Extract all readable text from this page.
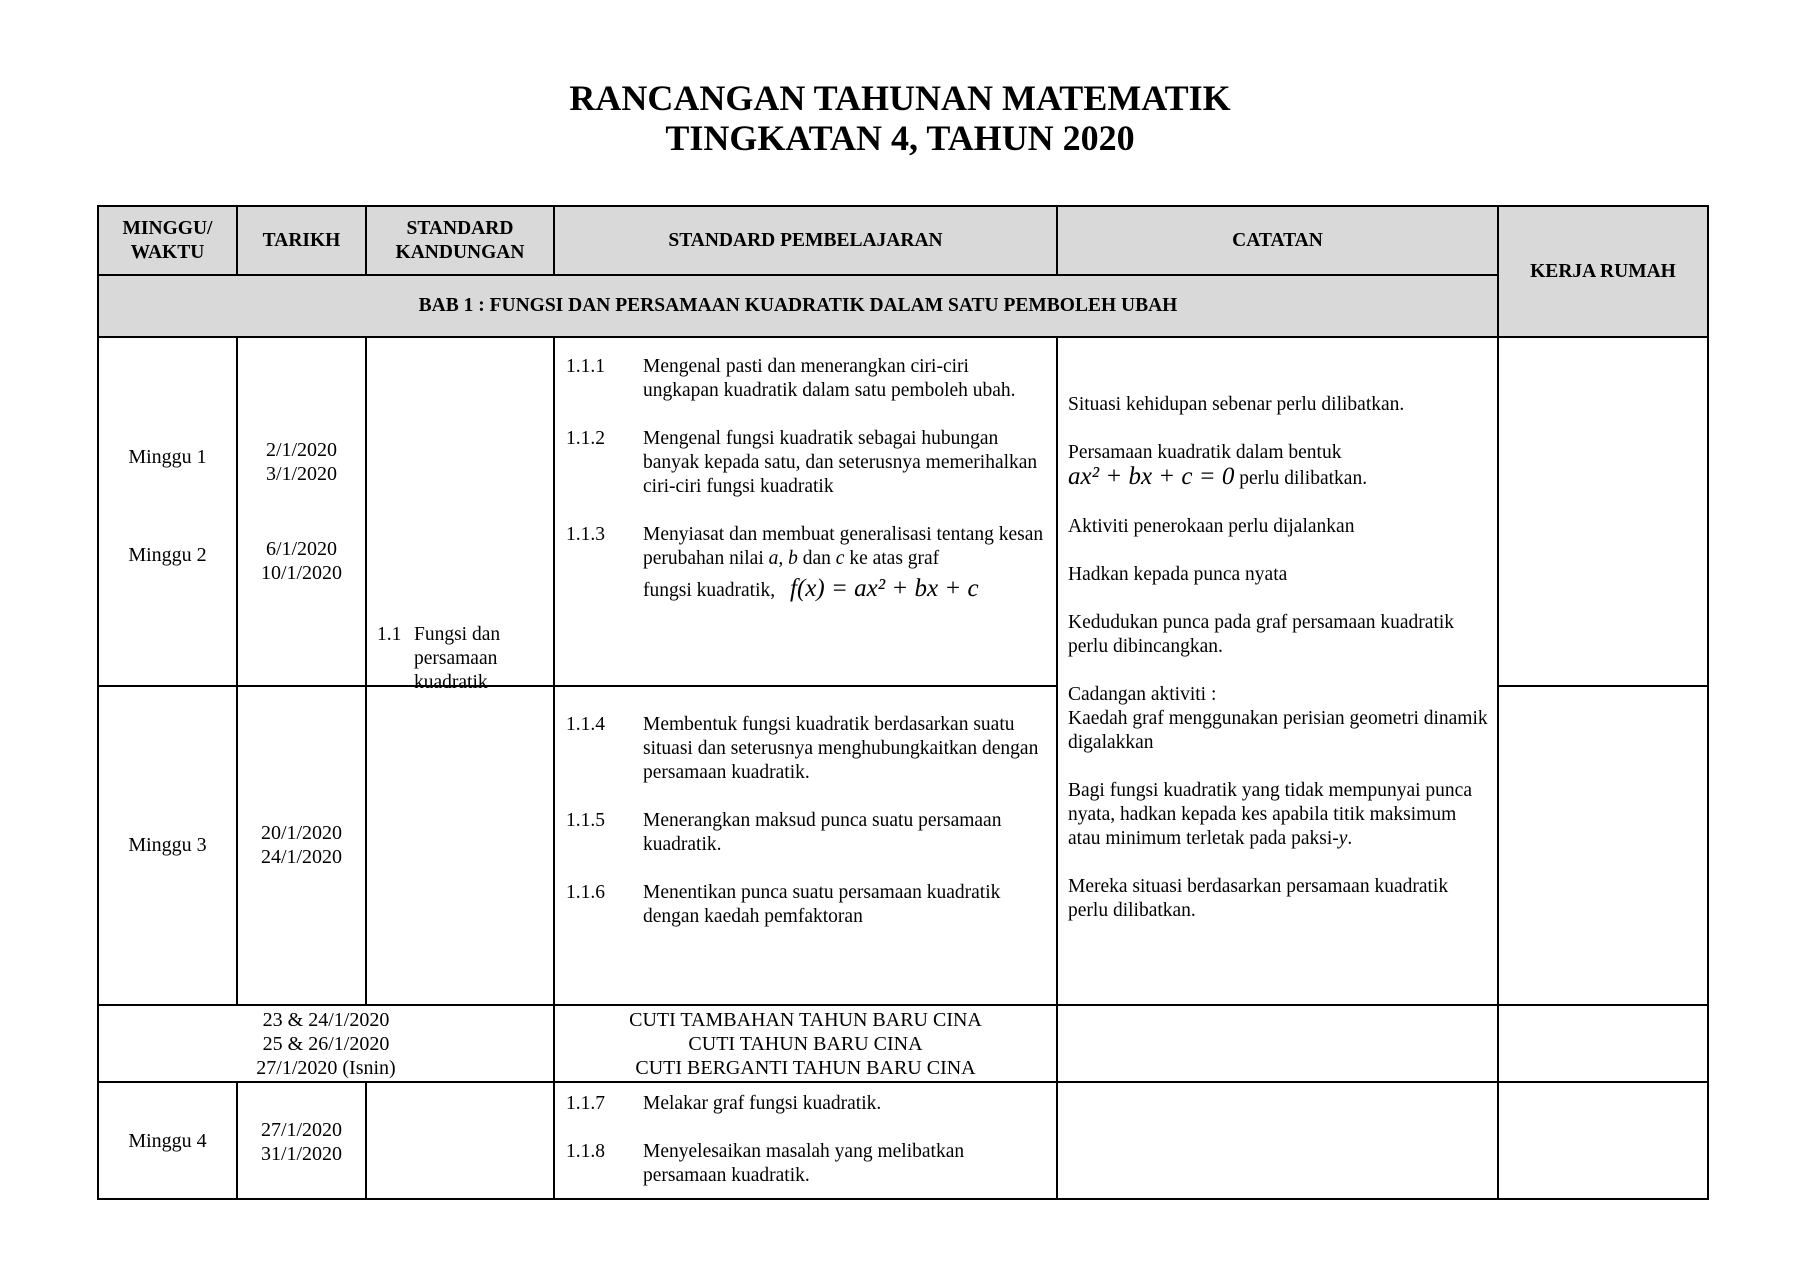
RANCANGAN TAHUNAN MATEMATIK
TINGKATAN 4, TAHUN 2020
MINGGU/
WAKTU
TARIKH
STANDARD
KANDUNGAN
STANDARD PEMBELAJARAN	CATATAN
KERJA RUMAH
BAB 1 : FUNGSI DAN PERSAMAAN KUADRATIK DALAM SATU PEMBOLEH UBAH
Minggu 1
Minggu 2
Minggu 3
Minggu 4
2/1/2020
3/1/2020
6/1/2020
10/1/2020
20/1/2020
24/1/2020
27/1/2020
31/1/2020
1.1 Fungsi dan
persamaan
kuadratik
1.1.1 Mengenal pasti dan menerangkan ciri-ciri ungkapan kuadratik dalam satu pemboleh ubah.
1.1.2 Mengenal fungsi kuadratik sebagai hubungan banyak kepada satu, dan seterusnya memerihalkan ciri-ciri fungsi kuadratik
1.1.3 Menyiasat dan membuat generalisasi tentang kesan perubahan nilai a, b dan c ke atas graf
fungsi kuadratik, f(x) = ax² + bx + c
1.1.4 Membentuk fungsi kuadratik berdasarkan suatu situasi dan seterusnya menghubungkaitkan dengan persamaan kuadratik.
1.1.5 Menerangkan maksud punca suatu persamaan kuadratik.
1.1.6 Menentikan punca suatu persamaan kuadratik dengan kaedah pemfaktoran
1.1.7 Melakar graf fungsi kuadratik.
1.1.8 Menyelesaikan masalah yang melibatkan persamaan kuadratik.

Situasi kehidupan sebenar perlu dilibatkan.

Persamaan kuadratik dalam bentuk
ax² + bx + c = 0 perlu dilibatkan.

Aktiviti penerokaan perlu dijalankan

Hadkan kepada punca nyata

Kedudukan punca pada graf persamaan kuadratik perlu dibincangkan.

Cadangan aktiviti :
Kaedah graf menggunakan perisian geometri dinamik digalakkan

Bagi fungsi kuadratik yang tidak mempunyai punca nyata, hadkan kepada kes apabila titik maksimum atau minimum terletak pada paksi-y.

Mereka situasi berdasarkan persamaan kuadratik perlu dilibatkan.

23 & 24/1/2020
25 & 26/1/2020
27/1/2020 (Isnin)
CUTI TAMBAHAN TAHUN BARU CINA
CUTI TAHUN BARU CINA
CUTI BERGANTI TAHUN BARU CINA
